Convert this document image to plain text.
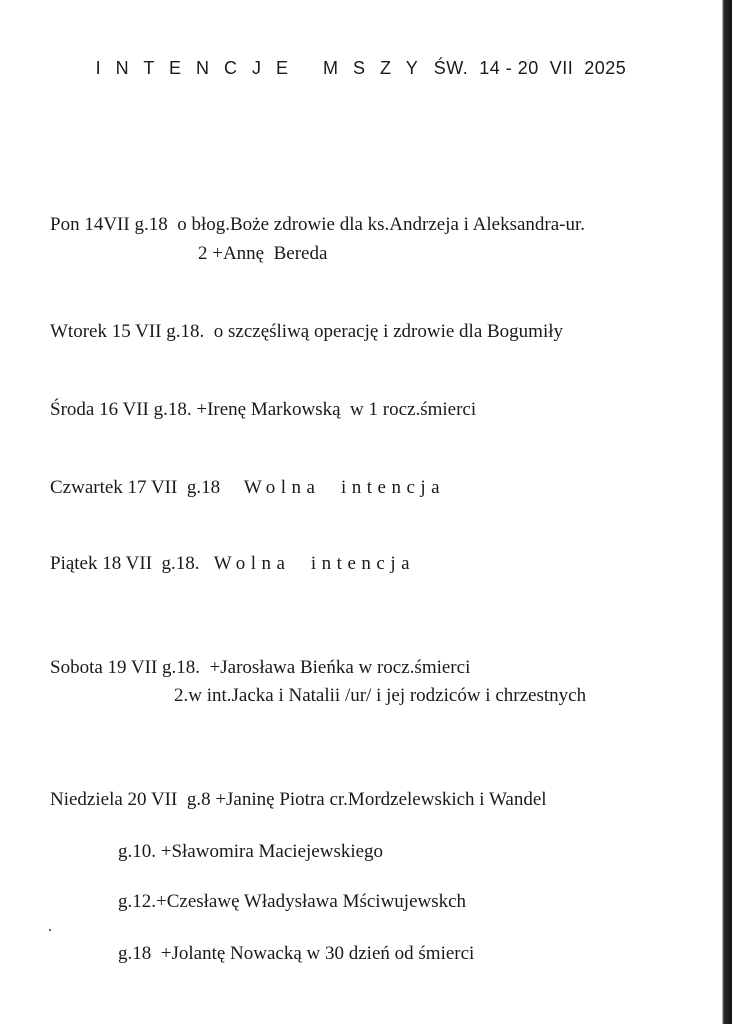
I N T E N C J E   M S Z Y  ŚW.  14 - 20  VII  2025
Pon 14VII g.18  o błog.Boże zdrowie dla ks.Andrzeja i Aleksandra-ur.
2 +Annę  Bereda
Wtorek 15 VII g.18.  o szczęśliwą operację i zdrowie dla Bogumiły
Środa 16 VII g.18. +Irenę Markowską  w 1 rocz.śmierci
Czwartek 17 VII  g.18     Wolna  intencja
Piątek 18 VII  g.18.   Wolna  intencja
Sobota 19 VII g.18.  +Jarosława Bieńka w rocz.śmierci
2.w int.Jacka i Natalii /ur/ i jej rodziców i chrzestnych
Niedziela 20 VII  g.8 +Janinę Piotra cr.Mordzelewskich i Wandel
g.10. +Sławomira Maciejewskiego
g.12.+Czesławę Władysława Mściwujewskch
g.18  +Jolantę Nowacką w 30 dzień od śmierci
.
